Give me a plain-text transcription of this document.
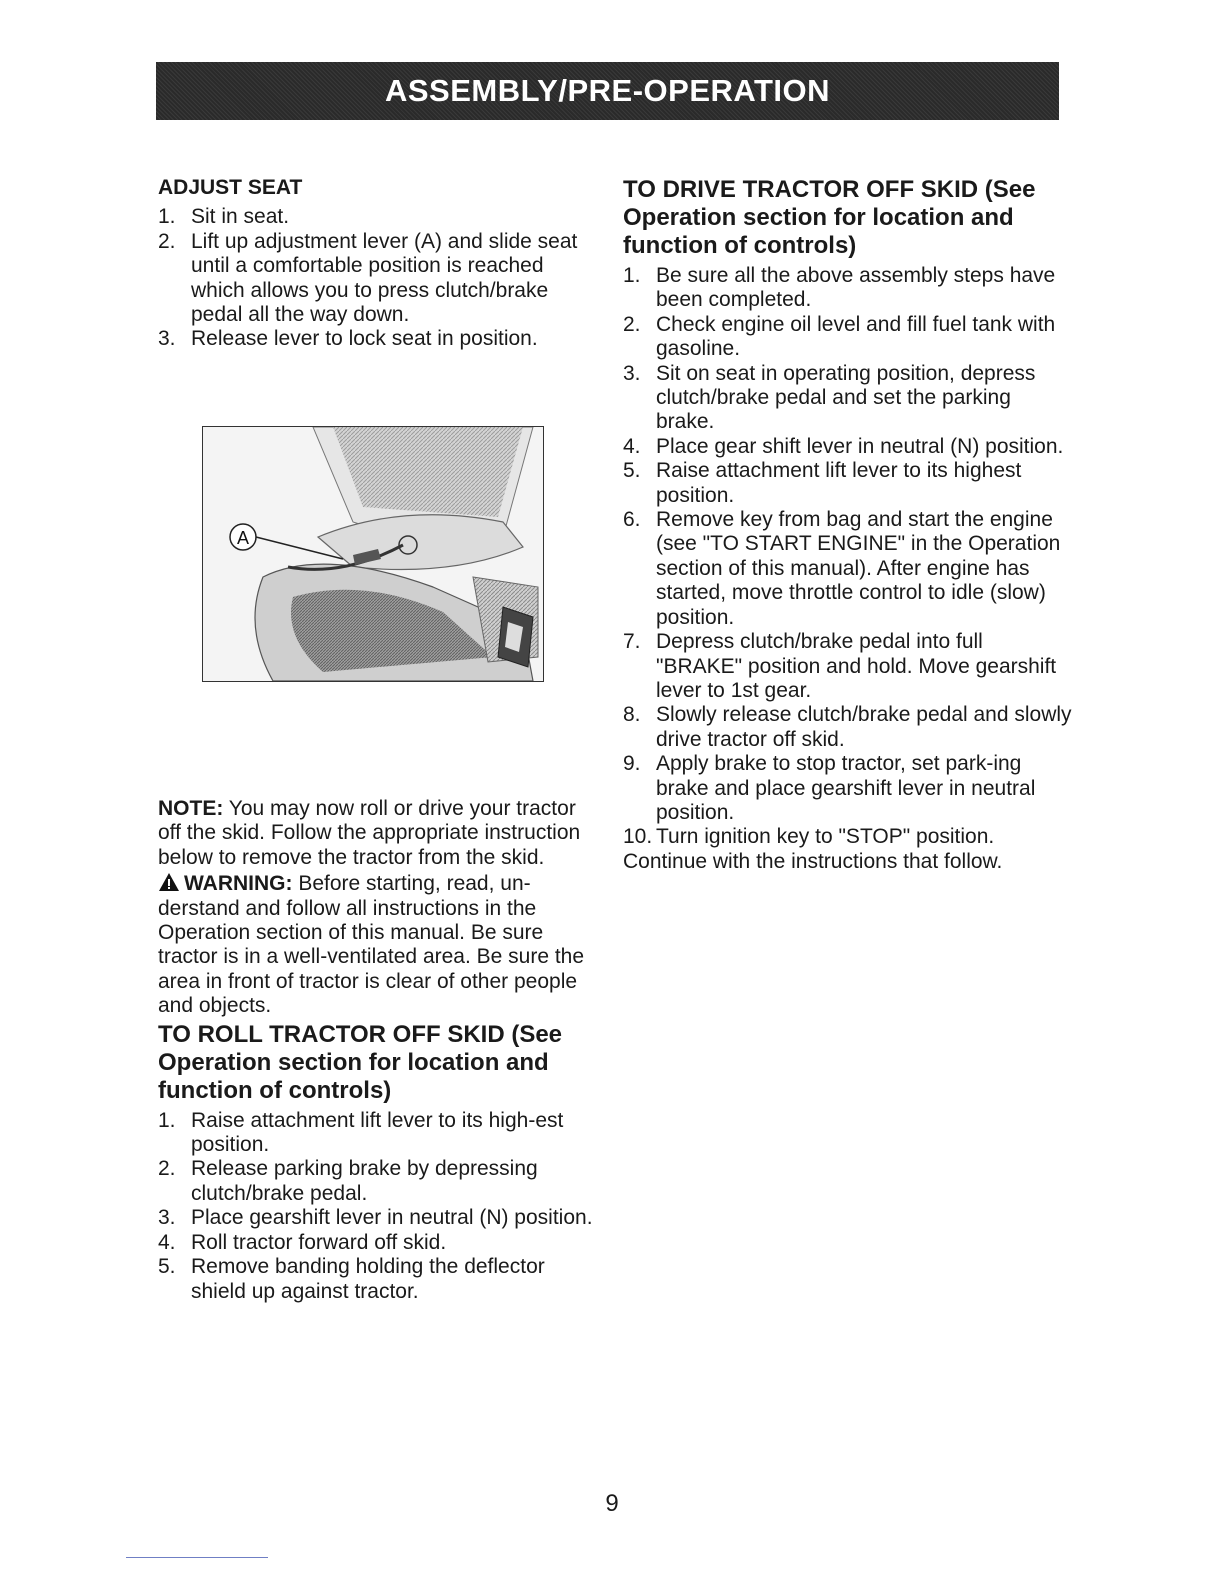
ASSEMBLY/PRE-OPERATION
ADJUST SEAT
1. Sit in seat.
2. Lift up adjustment lever (A) and slide seat until a comfortable position is reached which allows you to press clutch/brake pedal all the way down.
3. Release lever to lock seat in position.
A

NOTE: You may now roll or drive your tractor off the skid. Follow the appropriate instruction below to remove the tractor from the skid.

WARNING: Before starting, read, un-derstand and follow all instructions in the Operation section of this manual. Be sure tractor is in a well-ventilated area. Be sure the area in front of tractor is clear of other people and objects.

TO ROLL TRACTOR OFF SKID (See Operation section for location and function of controls)
1. Raise attachment lift lever to its high-est position.
2. Release parking brake by depressing clutch/brake pedal.
3. Place gearshift lever in neutral (N) position.
4. Roll tractor forward off skid.
5. Remove banding holding the deflector shield up against tractor.
TO DRIVE TRACTOR OFF SKID (See Operation section for location and function of controls)
1. Be sure all the above assembly steps have been completed.
2. Check engine oil level and fill fuel tank with gasoline.
3. Sit on seat in operating position, depress clutch/brake pedal and set the parking brake.
4. Place gear shift lever in neutral (N) position.
5. Raise attachment lift lever to its highest position.
6. Remove key from bag and start the engine (see "TO START ENGINE" in the Operation section of this manual). After engine has started, move throttle control to idle (slow) position.
7. Depress clutch/brake pedal into full "BRAKE" position and hold. Move gearshift lever to 1st gear.
8. Slowly release clutch/brake pedal and slowly drive tractor off skid.
9. Apply brake to stop tractor, set park-ing brake and place gearshift lever in neutral position.
10. Turn ignition key to "STOP" position.

Continue with the instructions that follow.

9
